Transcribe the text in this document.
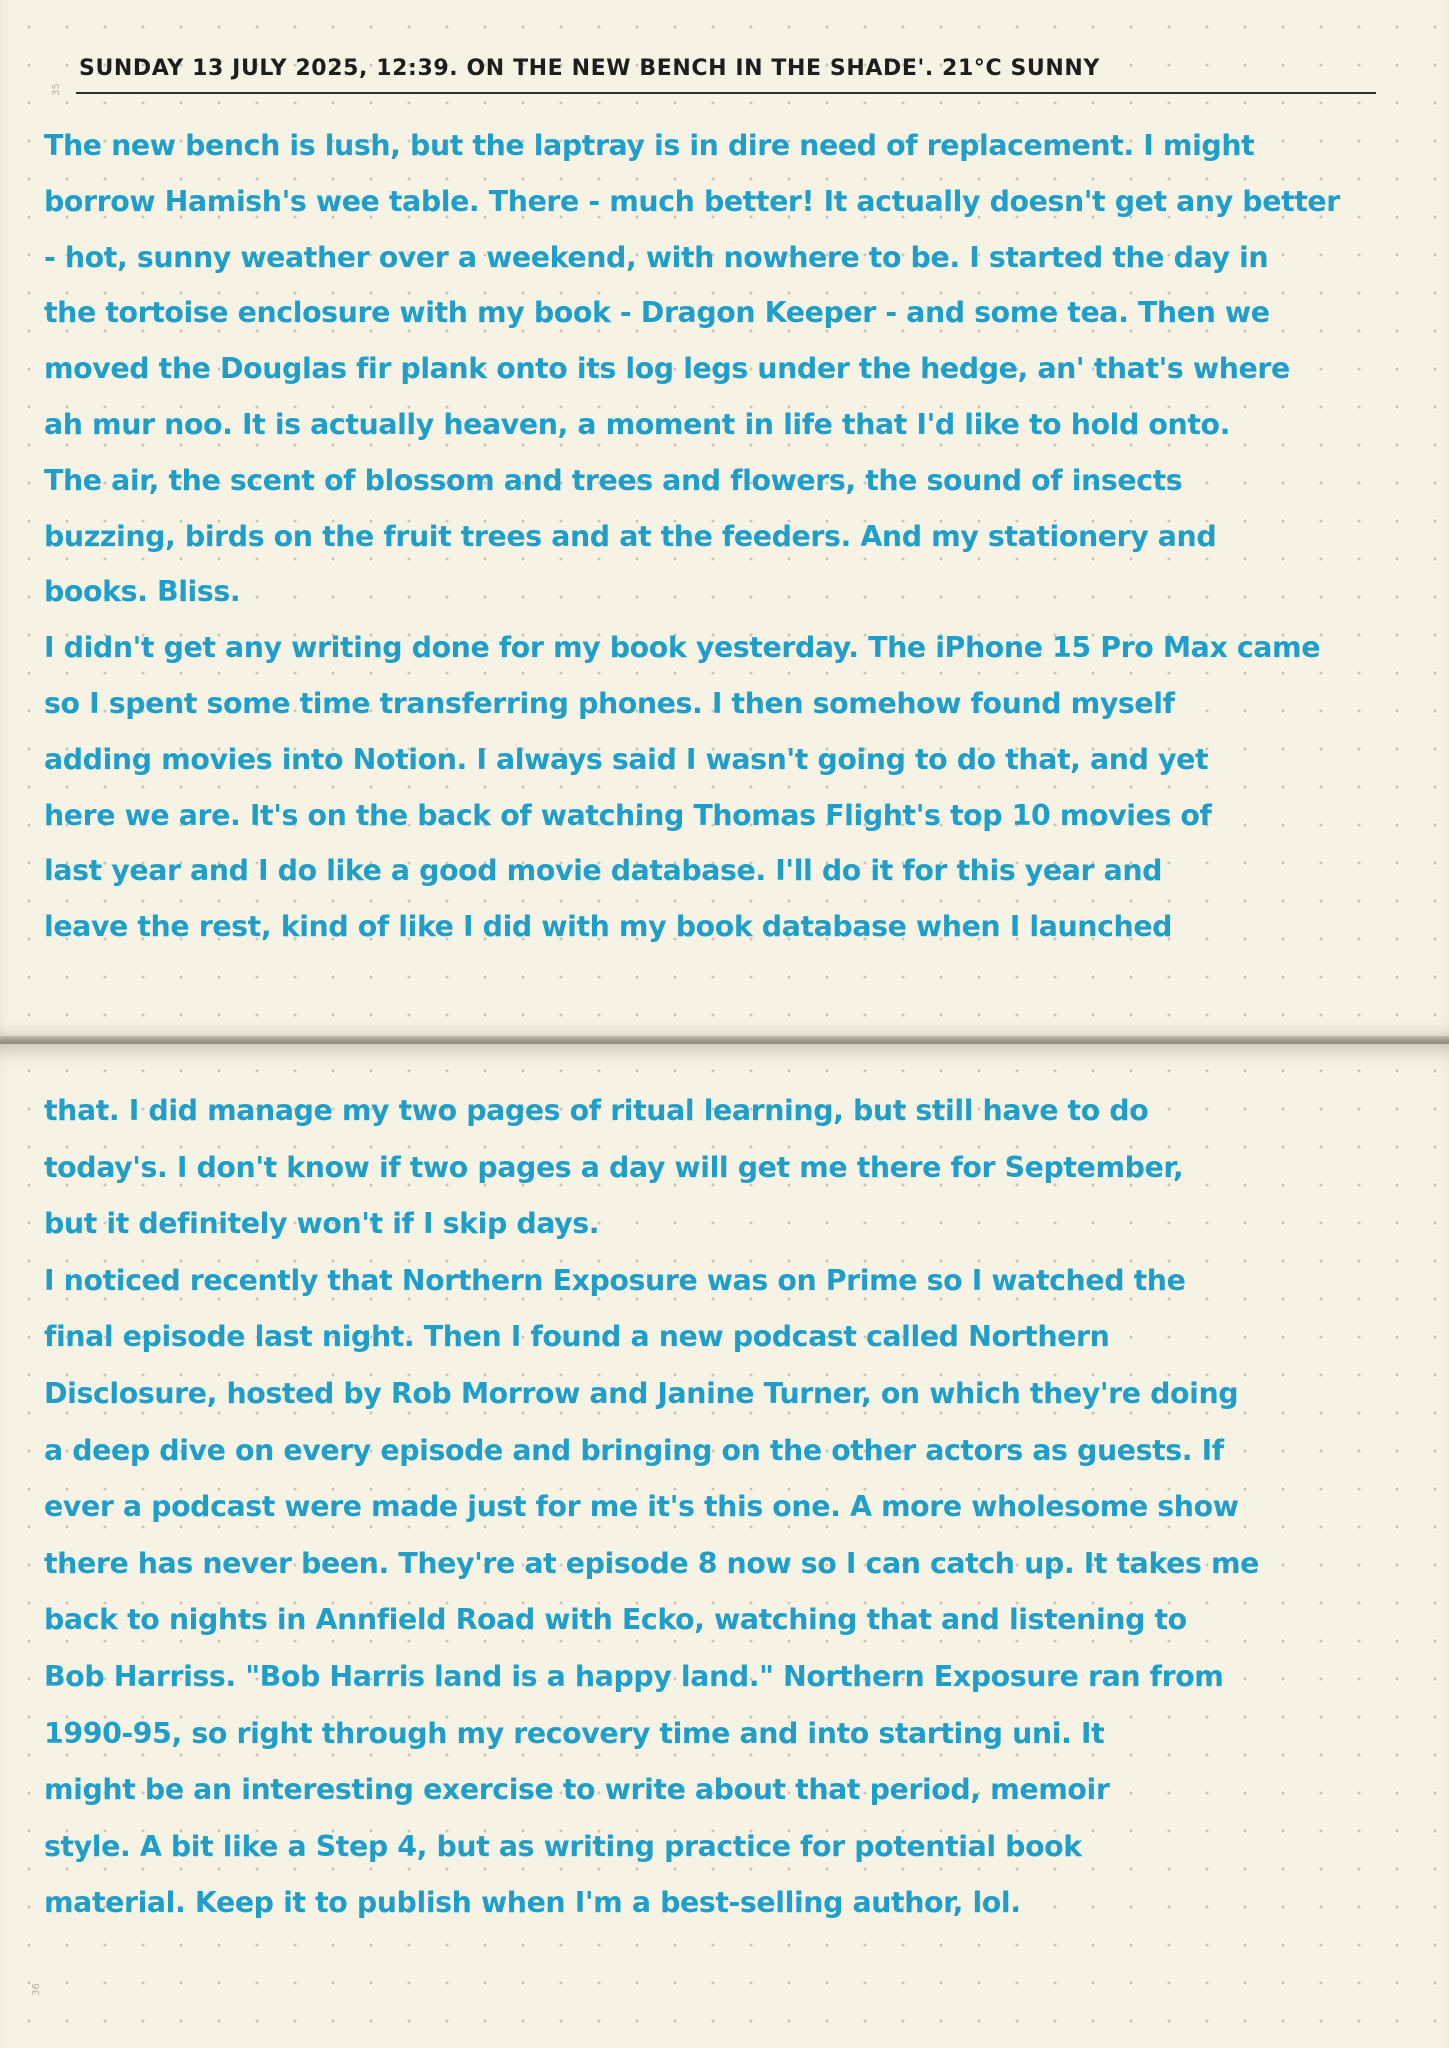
35
SUNDAY 13 JULY 2025, 12:39. ON THE NEW BENCH IN THE SHADE'. 21°C SUNNY
The new bench is lush, but the laptray is in dire need of replacement. I might
borrow Hamish's wee table. There - much better! It actually doesn't get any better
- hot, sunny weather over a weekend, with nowhere to be. I started the day in
the tortoise enclosure with my book - Dragon Keeper - and some tea. Then we
moved the Douglas fir plank onto its log legs under the hedge, an' that's where
ah mur noo. It is actually heaven, a moment in life that I'd like to hold onto.
The air, the scent of blossom and trees and flowers, the sound of insects
buzzing, birds on the fruit trees and at the feeders. And my stationery and
books. Bliss.
I didn't get any writing done for my book yesterday. The iPhone 15 Pro Max came
so I spent some time transferring phones. I then somehow found myself
adding movies into Notion. I always said I wasn't going to do that, and yet
here we are. It's on the back of watching Thomas Flight's top 10 movies of
last year and I do like a good movie database. I'll do it for this year and
leave the rest, kind of like I did with my book database when I launched
36
that. I did manage my two pages of ritual learning, but still have to do
today's. I don't know if two pages a day will get me there for September,
but it definitely won't if I skip days.
I noticed recently that Northern Exposure was on Prime so I watched the
final episode last night. Then I found a new podcast called Northern
Disclosure, hosted by Rob Morrow and Janine Turner, on which they're doing
a deep dive on every episode and bringing on the other actors as guests. If
ever a podcast were made just for me it's this one. A more wholesome show
there has never been. They're at episode 8 now so I can catch up. It takes me
back to nights in Annfield Road with Ecko, watching that and listening to
Bob Harriss. "Bob Harris land is a happy land." Northern Exposure ran from
1990-95, so right through my recovery time and into starting uni. It
might be an interesting exercise to write about that period, memoir
style. A bit like a Step 4, but as writing practice for potential book
material. Keep it to publish when I'm a best-selling author, lol.
